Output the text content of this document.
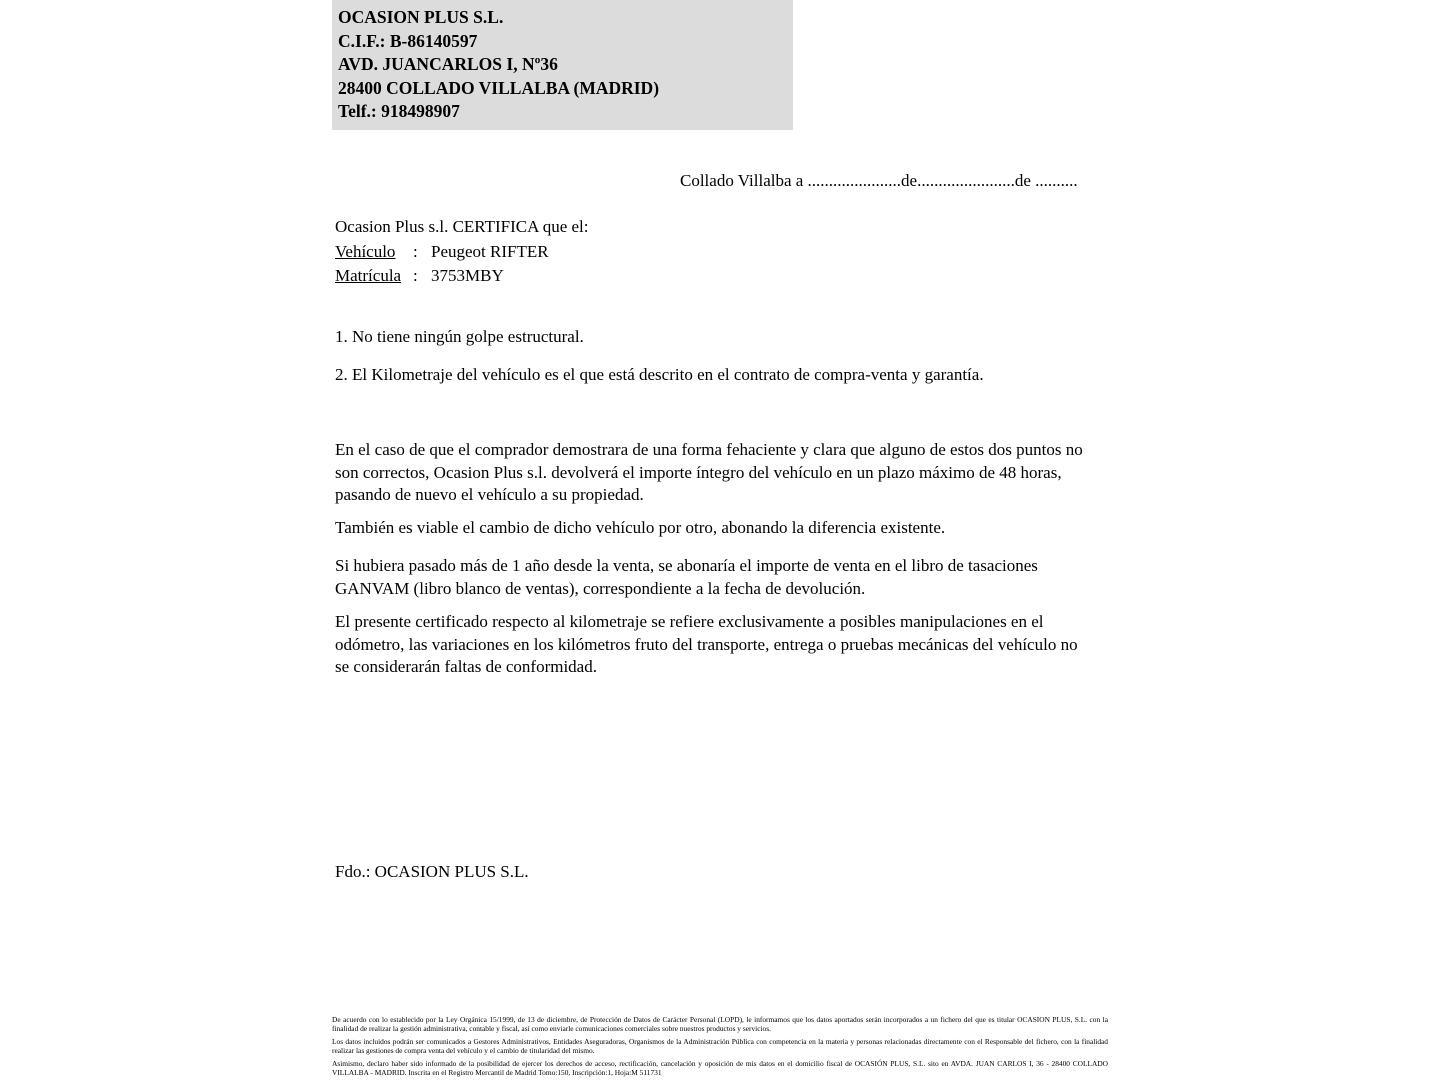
OCASION PLUS S.L.
C.I.F.: B-86140597
AVD. JUANCARLOS I, Nº36
28400 COLLADO VILLALBA (MADRID)
Telf.: 918498907
Collado Villalba a ......................de.......................de ..........
Ocasion Plus s.l. CERTIFICA que el:
Vehículo	: Peugeot RIFTER
Matrícula : 3753MBY
1. No tiene ningún golpe estructural.
2. El Kilometraje del vehículo es el que está descrito en el contrato de compra-venta y garantía.
En el caso de que el comprador demostrara de una forma fehaciente y clara que alguno de estos dos puntos no son correctos, Ocasion Plus s.l. devolverá el importe íntegro del vehículo en un plazo máximo de 48 horas, pasando de nuevo el vehículo a su propiedad.
También es viable el cambio de dicho vehículo por otro, abonando la diferencia existente.
Si hubiera pasado más de 1 año desde la venta, se abonaría el importe de venta en el libro de tasaciones GANVAM (libro blanco de ventas), correspondiente a la fecha de devolución.
El presente certificado respecto al kilometraje se refiere exclusivamente a posibles manipulaciones en el odómetro, las variaciones en los kilómetros fruto del transporte, entrega o pruebas mecánicas del vehículo no se considerarán faltas de conformidad.
Fdo.: OCASION PLUS S.L.

De acuerdo con lo establecido por la Ley Orgánica 15/1999, de 13 de diciembre, de Protección de Datos de Carácter Personal (LOPD), le informamos que los datos aportados serán incorporados a un fichero del que es titular OCASION PLUS, S.L. con la finalidad de realizar la gestión administrativa, contable y fiscal, así como enviarle comunicaciones comerciales sobre nuestros productos y servicios.

Los datos incluidos podrán ser comunicados a Gestores Administrativos, Entidades Aseguradoras, Organismos de la Administración Pública con competencia en la materia y personas relacionadas directamente con el Responsable del fichero, con la finalidad realizar las gestiones de compra venta del vehículo y el cambio de titularidad del mismo.

Asimismo, declaro haber sido informado de la posibilidad de ejercer los derechos de acceso, rectificación, cancelación y oposición de mis datos en el domicilio fiscal de OCASIÓN PLUS, S.L. sito en AVDA. JUAN CARLOS I, 36 - 28400 COLLADO VILLALBA - MADRID. Inscrita en el Registro Mercantil de Madrid Tomo:150, Inscripción:1, Hoja:M 511731
